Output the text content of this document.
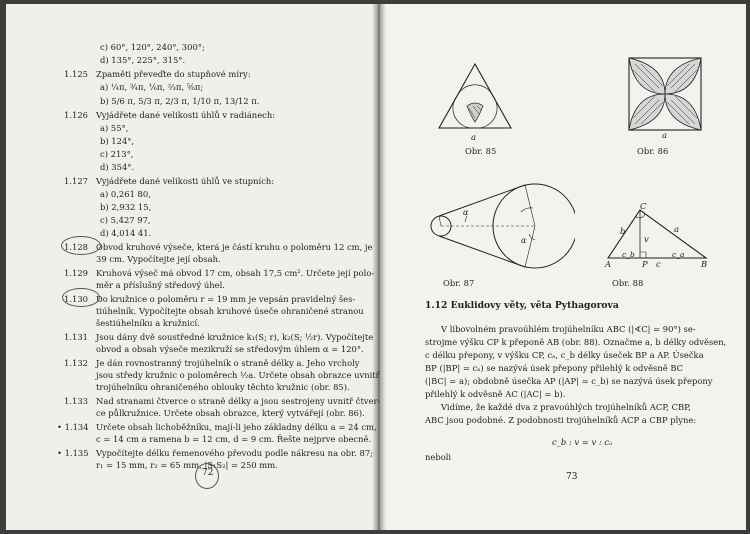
c) 60°, 120°, 240°, 300°;
d) 135°, 225°, 315°.
1.125 Zpaměti převeďte do stupňové míry:
a) ¼π, ¾π, ⅙π, ⅔π, ⅚π;
b) 5/6 π, 5/3 π, 2/3 π, 1/10 π, 13/12 π.
1.126 Vyjádřete dané velikosti úhlů v radiánech:
a) 55°,
b) 124°,
c) 213°,
d) 354°.
1.127 Vyjádřete dané velikosti úhlů ve stupních:
a) 0,261 80,
b) 2,932 15,
c) 5,427 97,
d) 4,014 41.
1.128 Obvod kruhové výseče, která je částí kruhu o poloměru 12 cm, je
39 cm. Vypočítejte její obsah.
1.129 Kruhová výseč má obvod 17 cm, obsah 17,5 cm². Určete její polo-
měr a příslušný středový úhel.
1.130 Do kružnice o poloměru r = 19 mm je vepsán pravidelný šes-
tiúhelník. Vypočítejte obsah kruhové úseče ohraničené stranou
šestiúhelníku a kružnicí.
1.131 Jsou dány dvě soustředné kružnice k₁(S; r), k₂(S; ½r). Vypočítejte
obvod a obsah výseče mezikruží se středovým úhlem α = 120°.
1.132 Je dán rovnostranný trojúhelník o straně délky a. Jeho vrcholy
jsou středy kružnic o poloměrech ½a. Určete obsah obrazce uvnitř
trojúhelníku ohraničeného oblouky těchto kružnic (obr. 85).
1.133 Nad stranami čtverce o straně délky a jsou sestrojeny uvnitř čtver-
ce půlkružnice. Určete obsah obrazce, který vytvářejí (obr. 86).
• 1.134 Určete obsah lichoběžníku, mají-li jeho základny délku a = 24 cm,
c = 14 cm a ramena b = 12 cm, d = 9 cm. Řešte nejprve obecně.
• 1.135 Vypočítejte délku řemenového převodu podle nákresu na obr. 87;
r₁ = 15 mm, r₂ = 65 mm, |S₁S₂| = 250 mm.
72
a
Obr. 85
a
Obr. 86
α
α
Obr. 87
C
A	B
P
b	a
v
c_b	c_a
c
Obr. 88
1.12 Euklidovy věty, věta Pythagorova
V libovolném pravoúhlém trojúhelníku ABC (|∢C| = 90°) se-
strojme výšku CP k přeponě AB (obr. 88). Označme a, b délky odvěsen,
c délku přepony, v výšku CP, cₐ, c_b délky úseček BP a AP. Úsečka
BP (|BP| = cₐ) se nazývá úsek přepony přilehlý k odvěsně BC
(|BC| = a); obdobně úsečka AP (|AP| = c_b) se nazývá úsek přepony
přilehlý k odvěsně AC (|AC| = b).
Vidíme, že každé dva z pravoúhlých trojúhelníků ACP, CBP,
ABC jsou podobné. Z podobnosti trojúhelníků ACP a CBP plyne:
c_b : v = v : cₐ
neboli
73
